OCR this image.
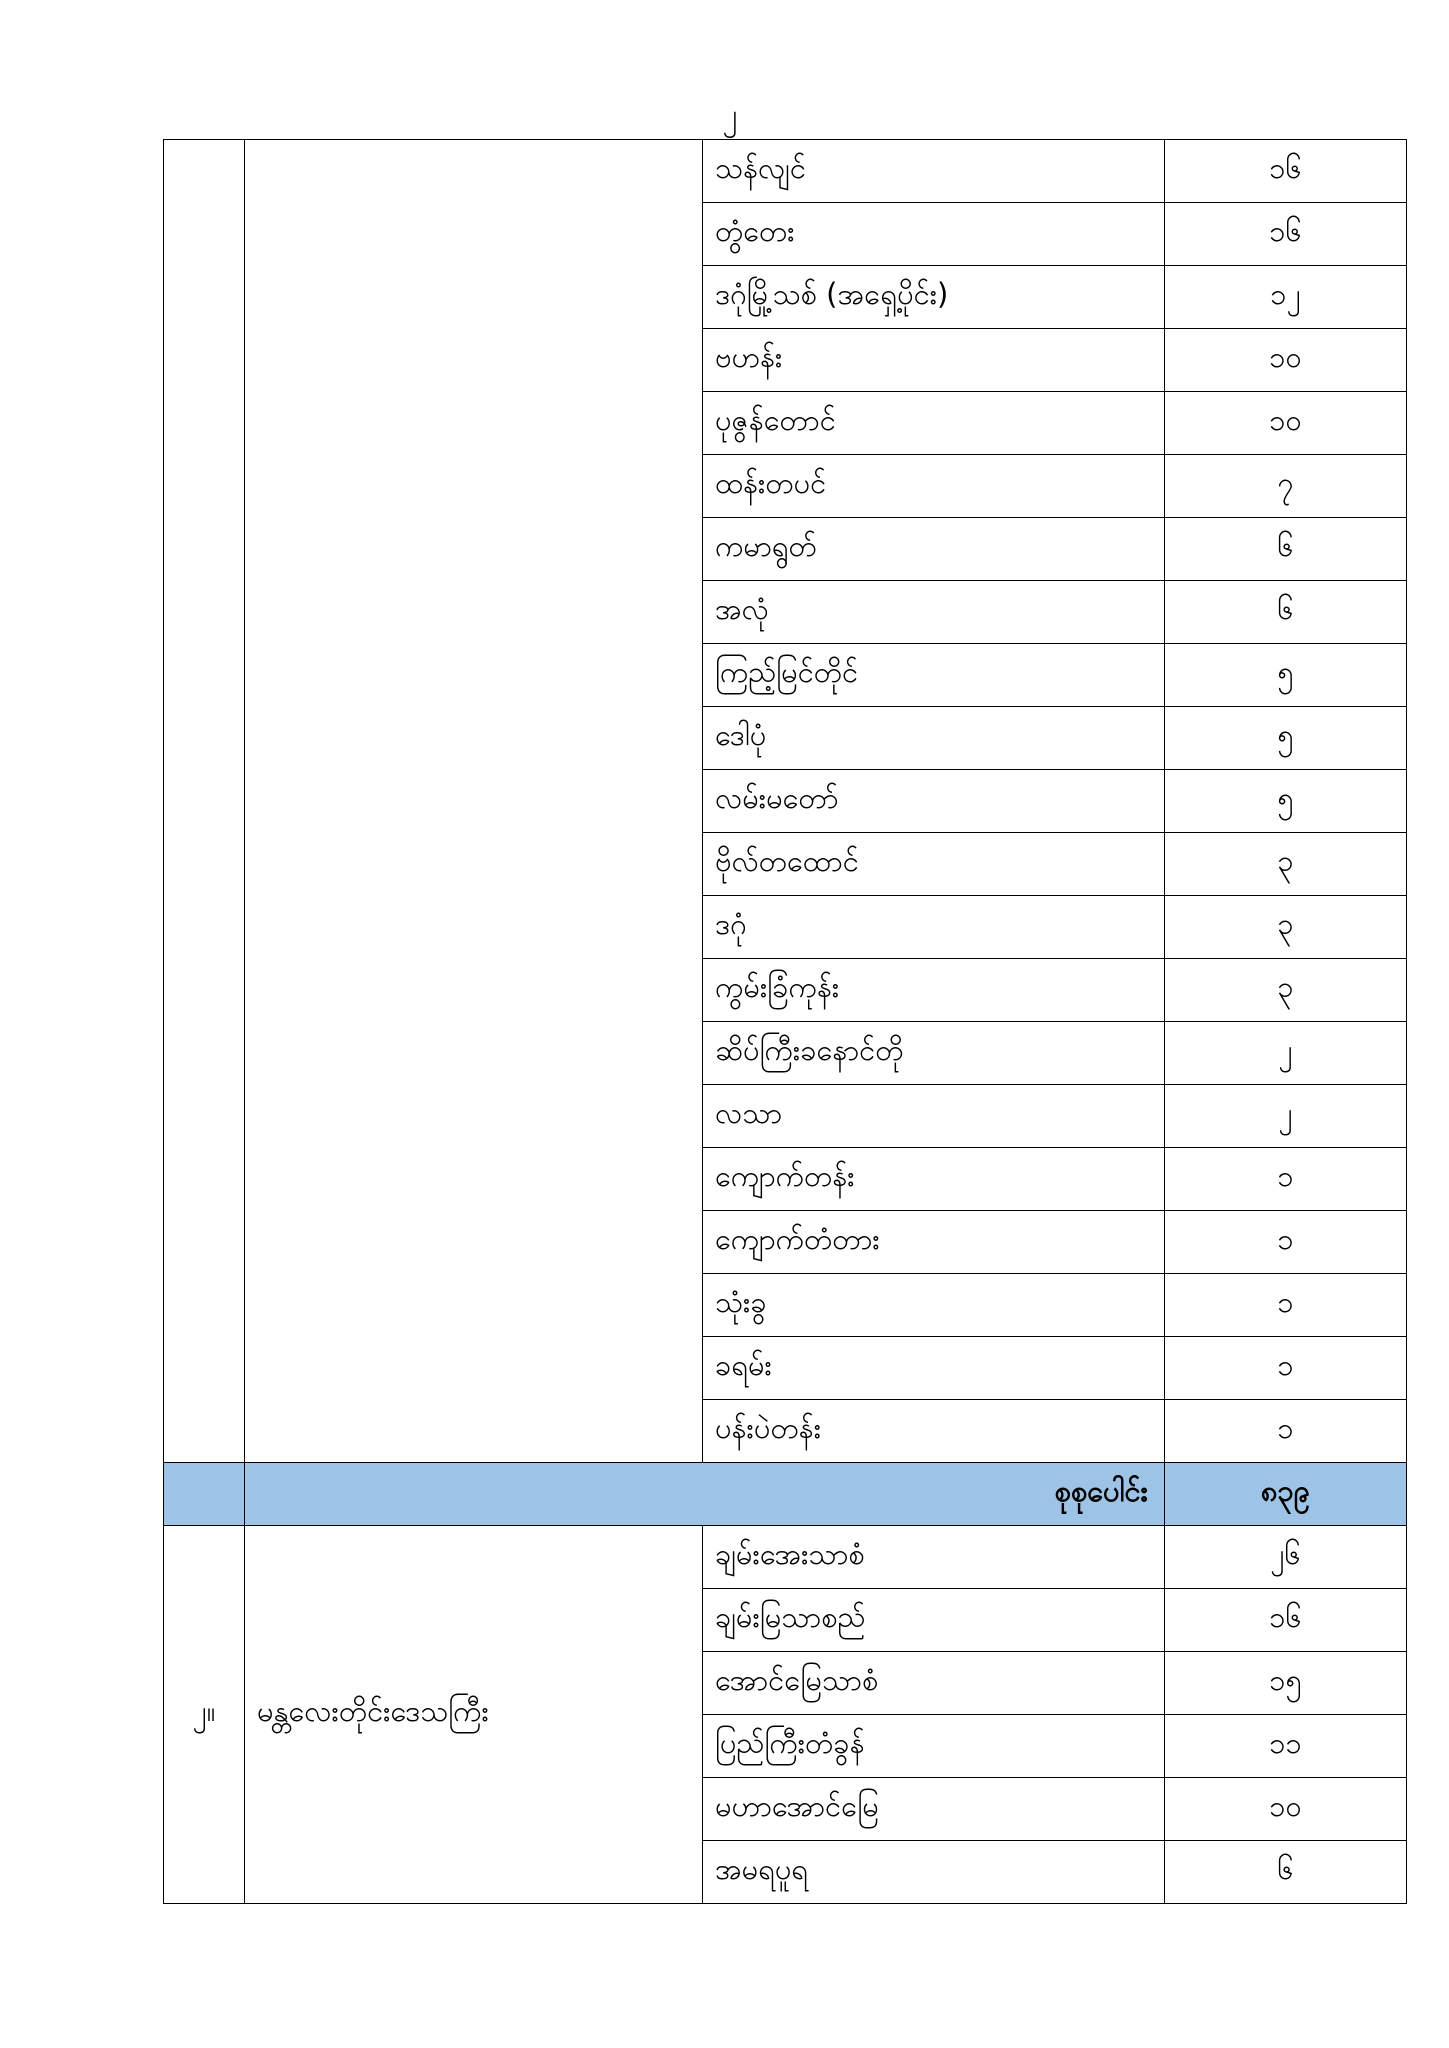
၂
		သန်လျင်	၁၆
		တွံတေး	၁၆
		ဒဂုံမြို့သစ် (အရှေ့ပိုင်း)	၁၂
		ဗဟန်း	၁၀
		ပုဇွန်တောင်	၁၀
		ထန်းတပင်	၇
		ကမာရွတ်	၆
		အလုံ	၆
		ကြည့်မြင်တိုင်	၅
		ဒေါပုံ	၅
		လမ်းမတော်	၅
		ဗိုလ်တထောင်	၃
		ဒဂုံ	၃
		ကွမ်းခြံကုန်း	၃
		ဆိပ်ကြီးခနောင်တို	၂
		လသာ	၂
		ကျောက်တန်း	၁
		ကျောက်တံတား	၁
		သုံးခွ	၁
		ခရမ်း	၁
		ပန်းပဲတန်း	၁
	စုစုပေါင်း		၈၃၉
၂။	မန္တလေးတိုင်းဒေသကြီး	ချမ်းအေးသာစံ	၂၆
		ချမ်းမြသာစည်	၁၆
		အောင်မြေသာစံ	၁၅
		ပြည်ကြီးတံခွန်	၁၁
		မဟာအောင်မြေ	၁၀
		အမရပူရ	၆
